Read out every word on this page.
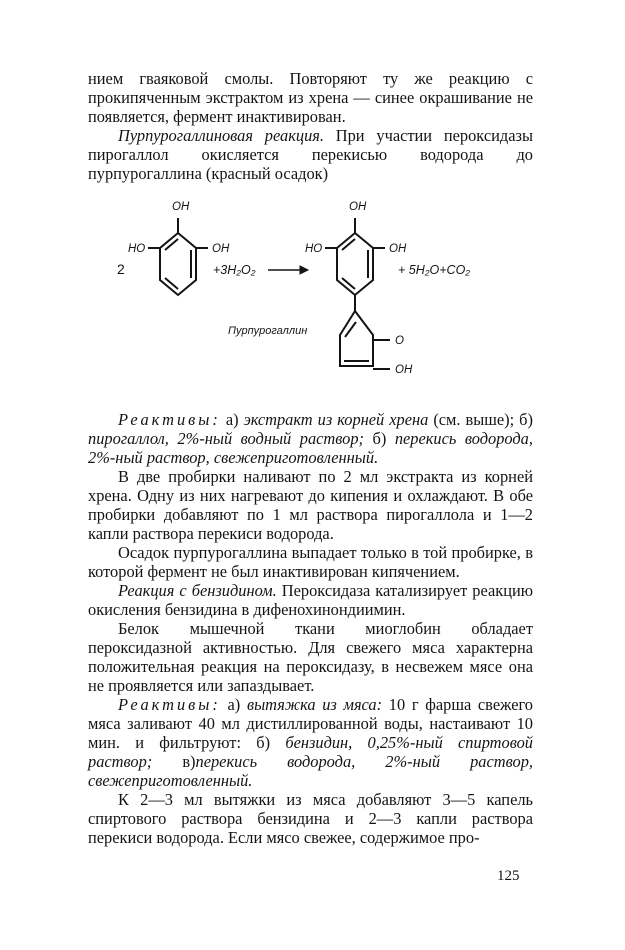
нием гваяковой смолы. Повторяют ту же реакцию с прокипяченным экстрактом из хрена — синее окрашивание не появляется, фермент инактивирован.

Пурпурогаллиновая реакция. При участии пероксидазы пирогаллол окисляется перекисью водорода до пурпурогаллина (красный осадок)

2
OH
HO	OH
+3H₂O₂
OH
HO	OH
+ 5H₂O+CO₂
O
OH
Пурпурогаллин

Реактивы: а) экстракт из корней хрена (см. выше); б) пирогаллол, 2%-ный водный раствор; б) перекись водорода, 2%-ный раствор, свежеприготовленный.

В две пробирки наливают по 2 мл экстракта из корней хрена. Одну из них нагревают до кипения и охлаждают. В обе пробирки добавляют по 1 мл раствора пирогаллола и 1—2 капли раствора перекиси водорода.

Осадок пурпурогаллина выпадает только в той пробирке, в которой фермент не был инактивирован кипячением.

Реакция с бензидином. Пероксидаза катализирует реакцию окисления бензидина в дифенохинондиимин.

Белок мышечной ткани миоглобин обладает пероксидазной активностью. Для свежего мяса характерна положительная реакция на пероксидазу, в несвежем мясе она не проявляется или запаздывает.

Реактивы: а) вытяжка из мяса: 10 г фарша свежего мяса заливают 40 мл дистиллированной воды, настаивают 10 мин. и фильтруют: б) бензидин, 0,25%-ный спиртовой раствор; в)перекись водорода, 2%-ный раствор, свежеприготовленный.

К 2—3 мл вытяжки из мяса добавляют 3—5 капель спиртового раствора бензидина и 2—3 капли раствора перекиси водорода. Если мясо свежее, содержимое про-

125
